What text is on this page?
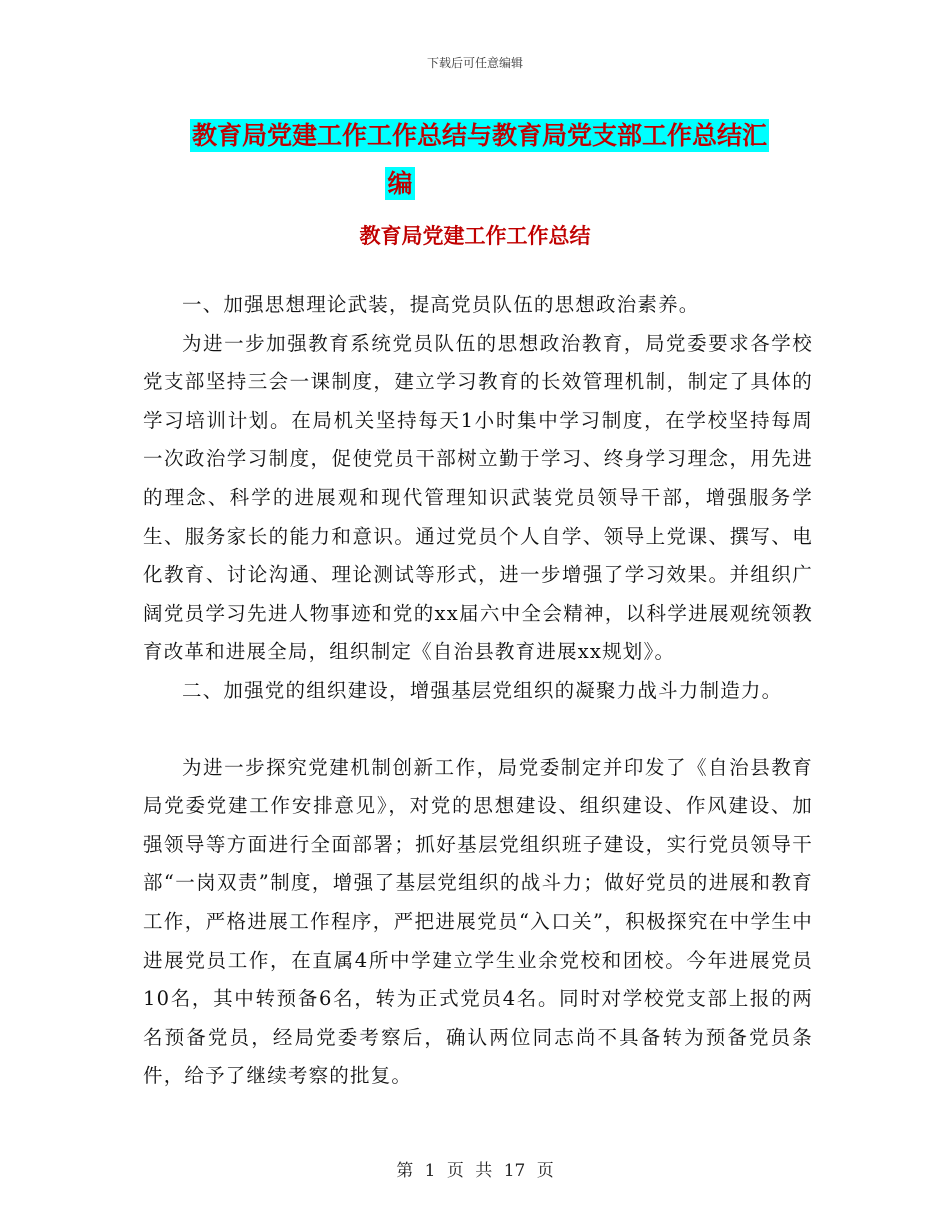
下载后可任意编辑
教育局党建工作工作总结与教育局党支部工作总结汇
编
教育局党建工作工作总结

一、加强思想理论武装，提高党员队伍的思想政治素养。

为进一步加强教育系统党员队伍的思想政治教育，局党委要求各学校党支部坚持三会一课制度，建立学习教育的长效管理机制，制定了具体的学习培训计划。在局机关坚持每天1小时集中学习制度，在学校坚持每周一次政治学习制度，促使党员干部树立勤于学习、终身学习理念，用先进的理念、科学的进展观和现代管理知识武装党员领导干部，增强服务学生、服务家长的能力和意识。通过党员个人自学、领导上党课、撰写、电化教育、讨论沟通、理论测试等形式，进一步增强了学习效果。并组织广阔党员学习先进人物事迹和党的xx届六中全会精神，以科学进展观统领教育改革和进展全局，组织制定《自治县教育进展xx规划》。

二、加强党的组织建设，增强基层党组织的凝聚力战斗力制造力。

为进一步探究党建机制创新工作，局党委制定并印发了《自治县教育局党委党建工作安排意见》，对党的思想建设、组织建设、作风建设、加强领导等方面进行全面部署；抓好基层党组织班子建设，实行党员领导干部“一岗双责”制度，增强了基层党组织的战斗力；做好党员的进展和教育工作，严格进展工作程序，严把进展党员“入口关”，积极探究在中学生中进展党员工作，在直属4所中学建立学生业余党校和团校。今年进展党员10名，其中转预备6名，转为正式党员4名。同时对学校党支部上报的两名预备党员，经局党委考察后，确认两位同志尚不具备转为预备党员条件，给予了继续考察的批复。

第 1 页 共 17 页
